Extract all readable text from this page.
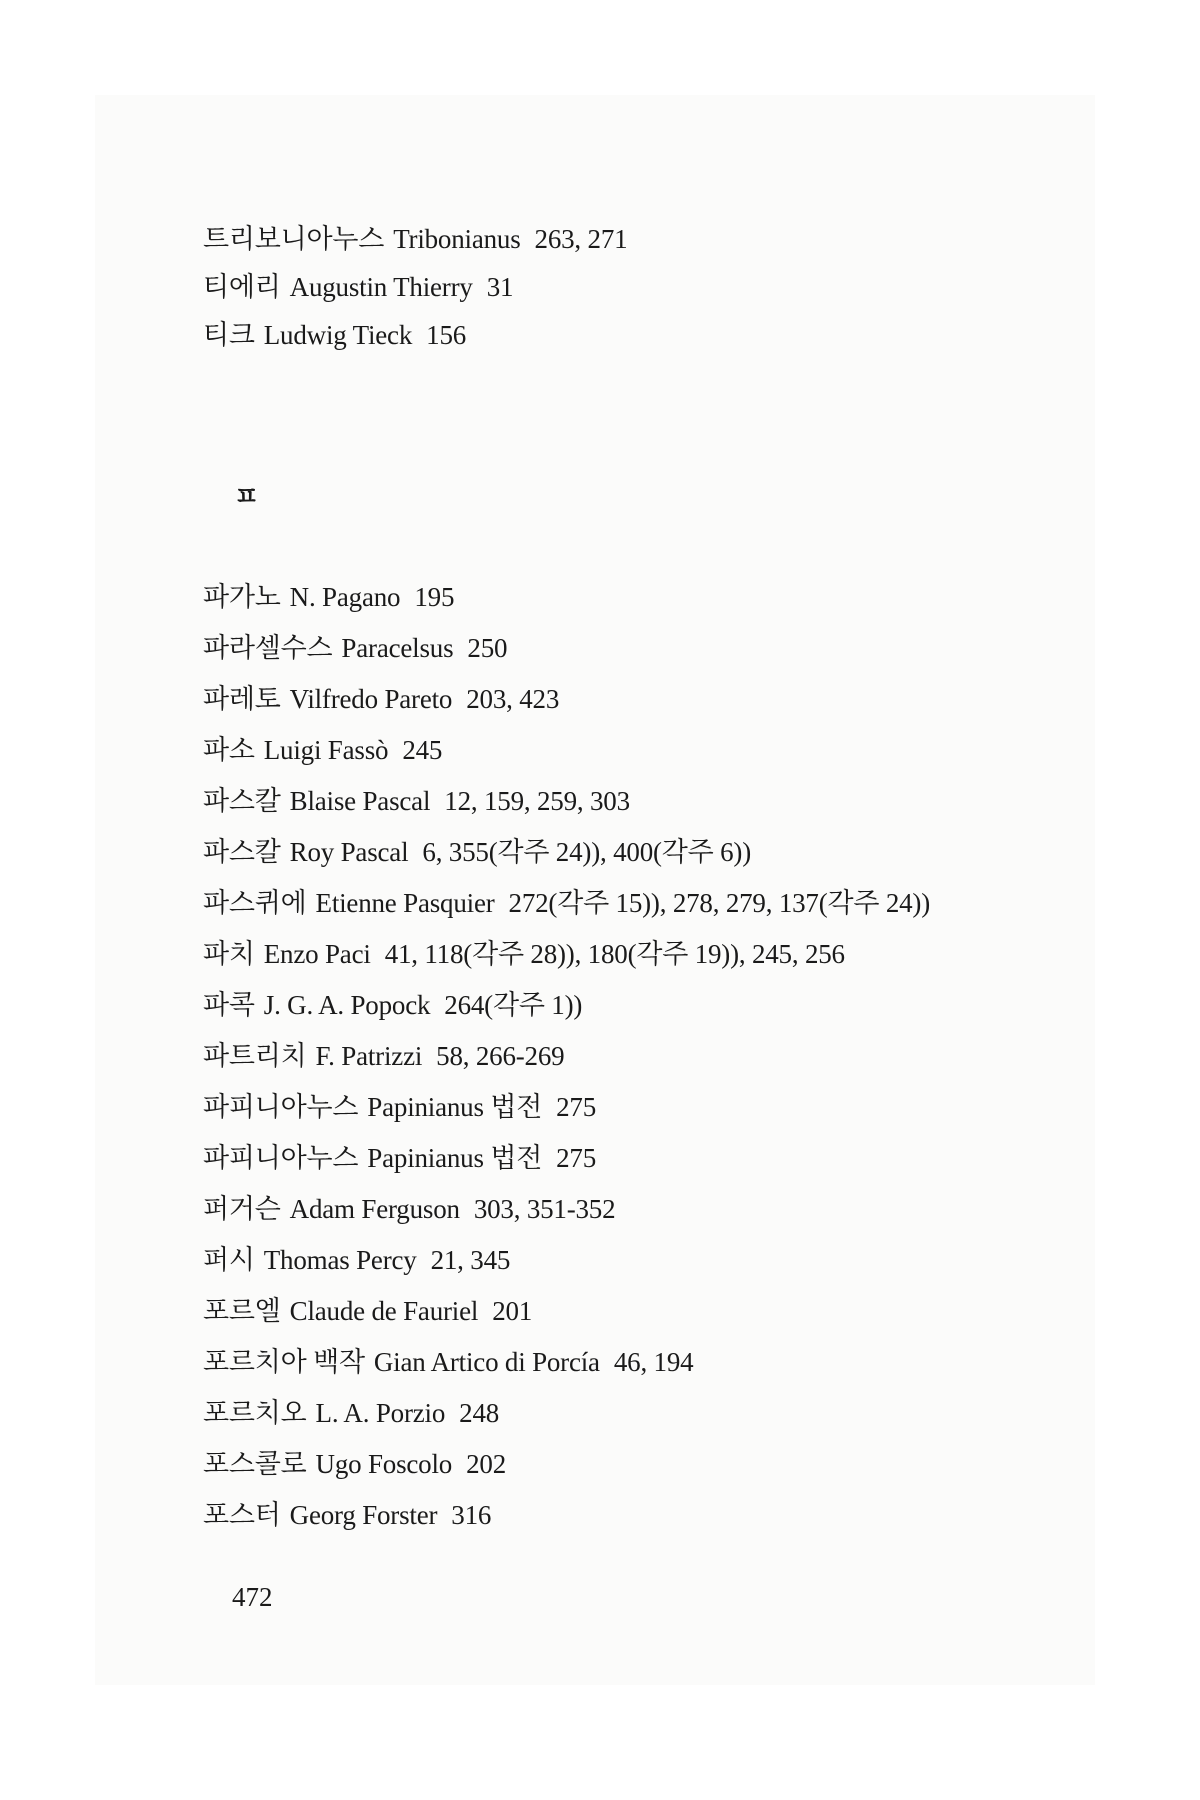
트리보니아누스 Tribonianus 263, 271
티에리 Augustin Thierry 31
티크 Ludwig Tieck 156
ㅍ
파가노 N. Pagano 195
파라셀수스 Paracelsus 250
파레토 Vilfredo Pareto 203, 423
파소 Luigi Fassò 245
파스칼 Blaise Pascal 12, 159, 259, 303
파스칼 Roy Pascal 6, 355(각주 24)), 400(각주 6))
파스퀴에 Etienne Pasquier 272(각주 15)), 278, 279, 137(각주 24))
파치 Enzo Paci 41, 118(각주 28)), 180(각주 19)), 245, 256
파콕 J. G. A. Popock 264(각주 1))
파트리치 F. Patrizzi 58, 266-269
파피니아누스 Papinianus 법전 275
파피니아누스 Papinianus 법전 275
퍼거슨 Adam Ferguson 303, 351-352
퍼시 Thomas Percy 21, 345
포르엘 Claude de Fauriel 201
포르치아 백작 Gian Artico di Porcía 46, 194
포르치오 L. A. Porzio 248
포스콜로 Ugo Foscolo 202
포스터 Georg Forster 316
472
